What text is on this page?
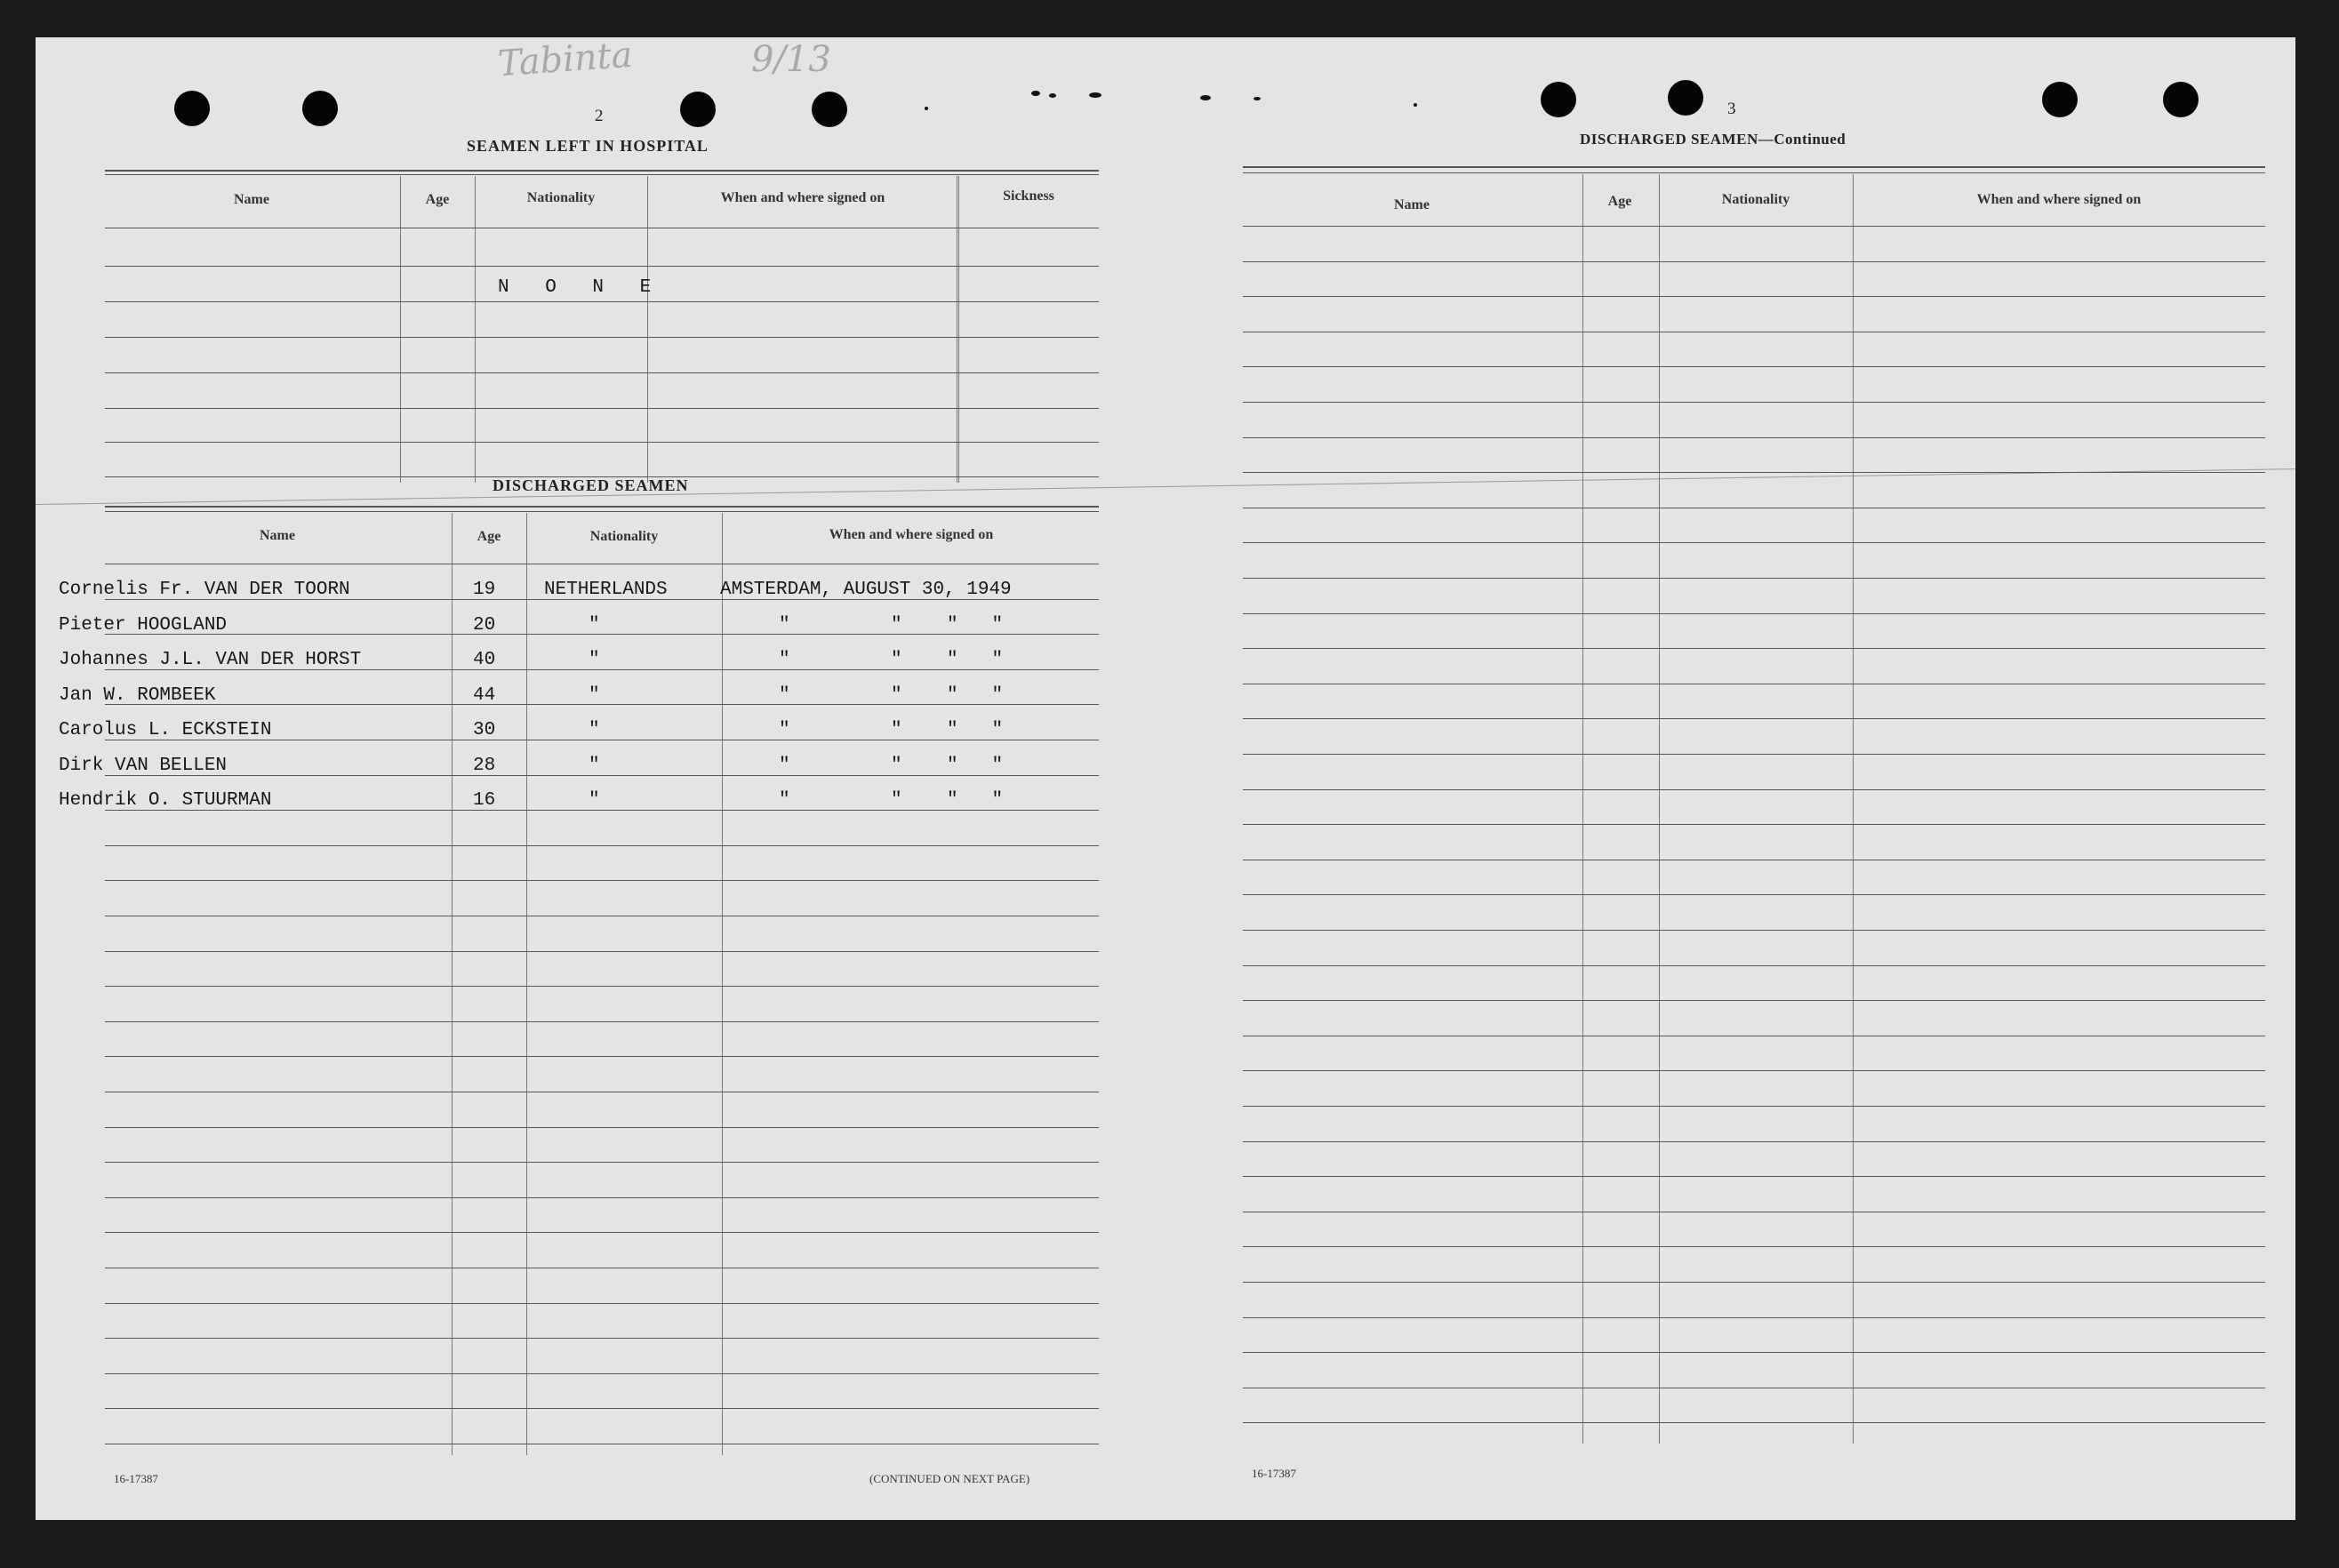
Tabinta	9/13
2
SEAMEN LEFT IN HOSPITAL
Name	Age	Nationality	When and where signed on	Sickness
N O N E
DISCHARGED SEAMEN
Name	Age	Nationality	When and where signed on
Cornelis Fr. VAN DER TOORN	19	NETHERLANDS	AMSTERDAM, AUGUST 30, 1949
Pieter HOOGLAND	20	"	"         "    "   "
Johannes J.L. VAN DER HORST	40	"	"         "    "   "
Jan W. ROMBEEK	44	"	"         "    "   "
Carolus L. ECKSTEIN	30	"	"         "    "   "
Dirk VAN BELLEN	28	"	"         "    "   "
Hendrik O. STUURMAN	16	"	"         "    "   "
16-17387	(CONTINUED ON NEXT PAGE)
3
DISCHARGED SEAMEN—Continued
Name	Age	Nationality	When and where signed on
16-17387
